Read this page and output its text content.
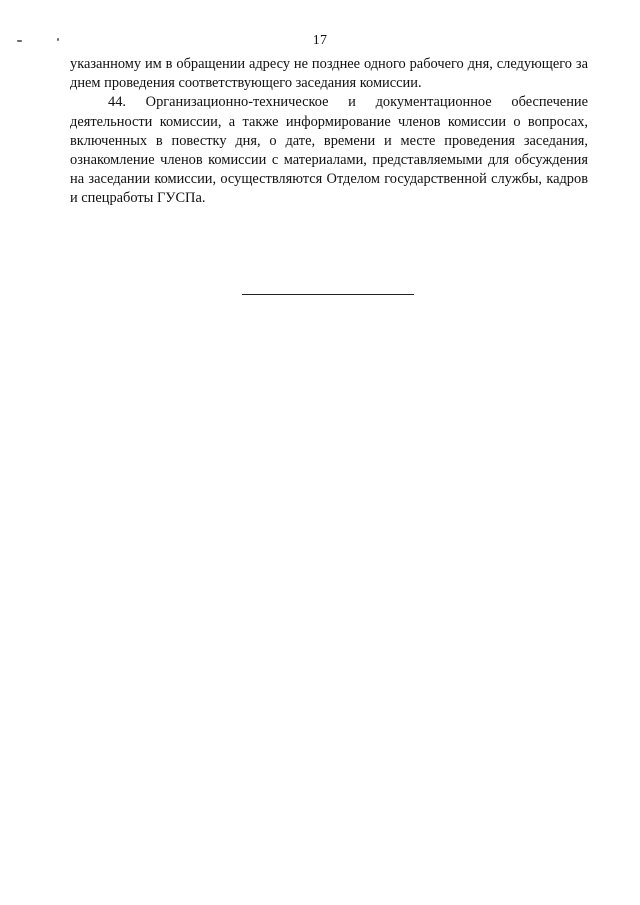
17

указанному им в обращении адресу не позднее одного рабочего дня, следующего за днем проведения соответствующего заседания комиссии.

44. Организационно-техническое и документационное обеспечение деятельности комиссии, а также информирование членов комиссии о вопросах, включенных в повестку дня, о дате, времени и месте проведения заседания, ознакомление членов комиссии с материалами, представляемыми для обсуждения на заседании комиссии, осуществляются Отделом государственной службы, кадров и спецработы ГУСПа.
